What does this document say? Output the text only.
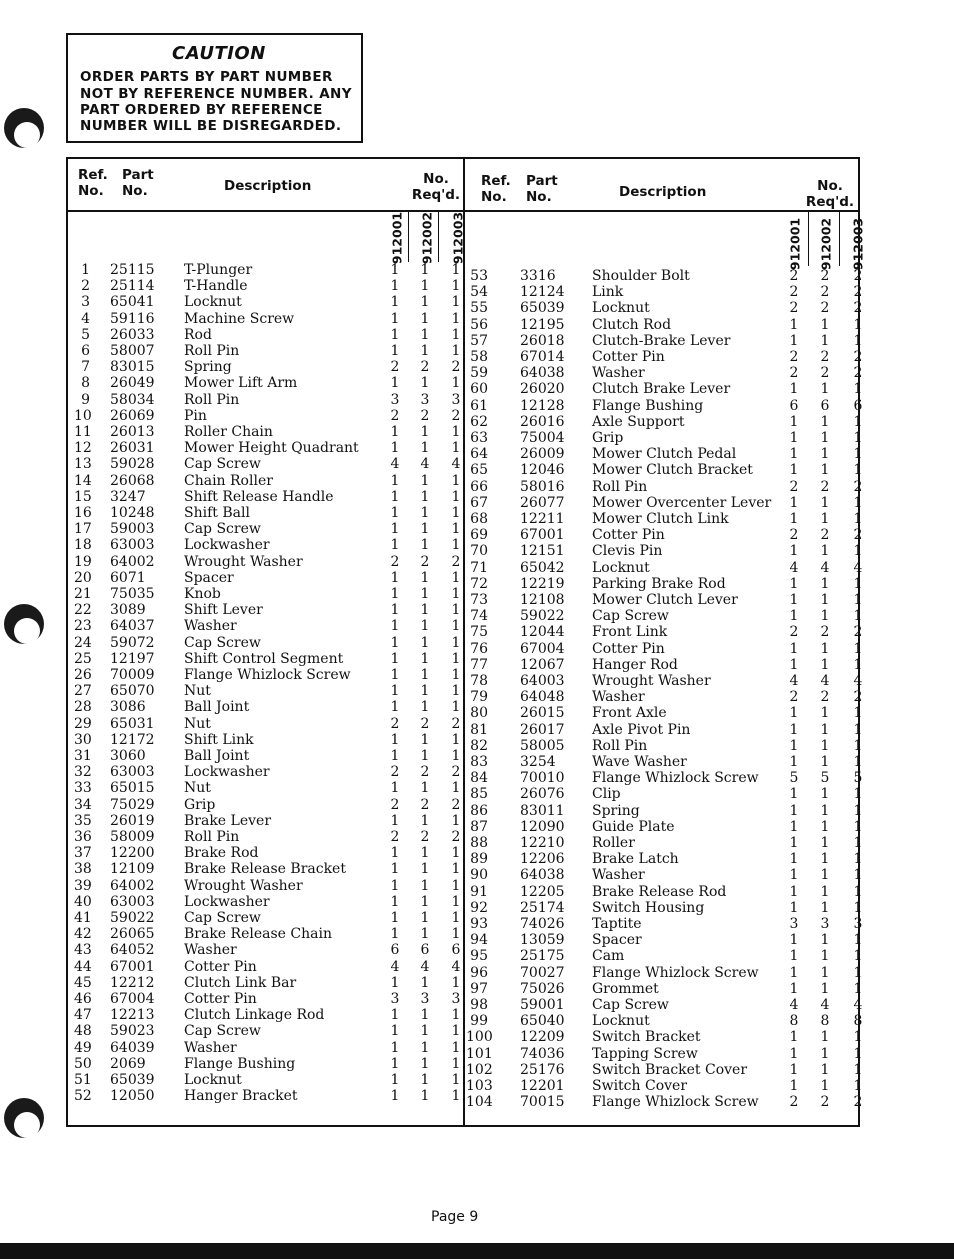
CAUTION
ORDER PARTS BY PART NUMBER
NOT BY REFERENCE NUMBER. ANY
PART ORDERED BY REFERENCE
NUMBER WILL BE DISREGARDED.
Ref.
No.
Part
No.	Description	No.
Req'd.
Ref.
No.
Part
No.	Description	No.
Req'd.
912001 912002 912003	912001 912002 912003
1 25115 T-Plunger	1 1 1
2 25114 T-Handle	1 1 1
3 65041 Locknut	1 1 1
4 59116 Machine Screw	1 1 1
5 26033 Rod	1 1 1
6 58007 Roll Pin	1 1 1
7 83015 Spring	2 2 2
8 26049 Mower Lift Arm	1 1 1
9 58034 Roll Pin	3 3 3
10 26069 Pin	2 2 2
11 26013 Roller Chain	1 1 1
12 26031 Mower Height Quadrant 1 1 1
13 59028 Cap Screw	4 4 4
14 26068 Chain Roller	1 1 1
15 3247	Shift Release Handle	1 1 1
16 10248 Shift Ball	1 1 1
17 59003 Cap Screw	1 1 1
18 63003 Lockwasher	1 1 1
19 64002 Wrought Washer	2 2 2
20 6071	Spacer	1 1 1
21 75035 Knob	1 1 1
22 3089	Shift Lever	1 1 1
23 64037 Washer	1 1 1
24 59072 Cap Screw	1 1 1
25 12197 Shift Control Segment	1 1 1
26 70009 Flange Whizlock Screw	1 1 1
27 65070 Nut	1 1 1
28 3086	Ball Joint	1 1 1
29 65031 Nut	2 2 2
30 12172 Shift Link	1 1 1
31 3060	Ball Joint	1 1 1
32 63003 Lockwasher	2 2 2
33 65015 Nut	1 1 1
34 75029 Grip	2 2 2
35 26019 Brake Lever	1 1 1
36 58009 Roll Pin	2 2 2
37 12200 Brake Rod	1 1 1
38 12109 Brake Release Bracket	1 1 1
39 64002 Wrought Washer	1 1 1
40 63003 Lockwasher	1 1 1
41 59022 Cap Screw	1 1 1
42 26065 Brake Release Chain	1 1 1
43 64052 Washer	6 6 6
44 67001 Cotter Pin	4 4 4
45 12212 Clutch Link Bar	1 1 1
46 67004 Cotter Pin	3 3 3
47 12213 Clutch Linkage Rod	1 1 1
48 59023 Cap Screw	1 1 1
49 64039 Washer	1 1 1
50 2069	Flange Bushing	1 1 1
51 65039 Locknut	1 1 1
52 12050 Hanger Bracket	1 1 1
53 3316	Shoulder Bolt	2 2 2
54 12124 Link	2 2 2
55 65039 Locknut	2 2 2
56 12195 Clutch Rod	1 1 1
57 26018 Clutch-Brake Lever	1 1 1
58 67014 Cotter Pin	2 2 2
59 64038 Washer	2 2 2
60 26020 Clutch Brake Lever	1 1 1
61 12128 Flange Bushing	6 6 6
62 26016 Axle Support	1 1 1
63 75004 Grip	1 1 1
64 26009 Mower Clutch Pedal	1 1 1
65 12046 Mower Clutch Bracket	1 1 1
66 58016 Roll Pin	2 2 2
67 26077 Mower Overcenter Lever 1 1 1
68 12211 Mower Clutch Link	1 1 1
69 67001 Cotter Pin	2 2 2
70 12151 Clevis Pin	1 1 1
71 65042 Locknut	4 4 4
72 12219 Parking Brake Rod	1 1 1
73 12108 Mower Clutch Lever	1 1 1
74 59022 Cap Screw	1 1 1
75 12044 Front Link	2 2 2
76 67004 Cotter Pin	1 1 1
77 12067 Hanger Rod	1 1 1
78 64003 Wrought Washer	4 4 4
79 64048 Washer	2 2 2
80 26015 Front Axle	1 1 1
81 26017 Axle Pivot Pin	1 1 1
82 58005 Roll Pin	1 1 1
83 3254	Wave Washer	1 1 1
84 70010 Flange Whizlock Screw 5 5 5
85 26076 Clip	1 1 1
86 83011 Spring	1 1 1
87 12090 Guide Plate	1 1 1
88 12210 Roller	1 1 1
89 12206 Brake Latch	1 1 1
90 64038 Washer	1 1 1
91 12205 Brake Release Rod	1 1 1
92 25174 Switch Housing	1 1 1
93 74026 Taptite	3 3 3
94 13059 Spacer	1 1 1
95 25175 Cam	1 1 1
96 70027 Flange Whizlock Screw 1 1 1
97 75026 Grommet	1 1 1
98 59001 Cap Screw	4 4 4
99 65040 Locknut	8 8 8
100 12209 Switch Bracket	1 1 1
101 74036 Tapping Screw	1 1 1
102 25176 Switch Bracket Cover	1 1 1
103 12201 Switch Cover	1 1 1
104 70015 Flange Whizlock Screw 2 2 2
Page 9
